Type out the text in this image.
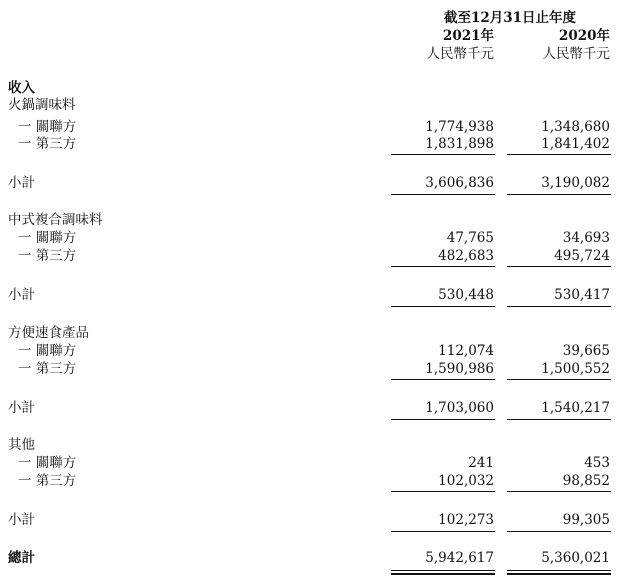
截至12月31日止年度
2021年	2020年
人民幣千元	人民幣千元
收入
火鍋調味料
一 關聯方	1,774,938	1,348,680
一 第三方	1,831,898	1,841,402
小計	3,606,836	3,190,082
中式複合調味料
一 關聯方	47,765	34,693
一 第三方	482,683	495,724
小計	530,448	530,417
方便速食產品
一 關聯方	112,074	39,665
一 第三方	1,590,986	1,500,552
小計	1,703,060	1,540,217
其他
一 關聯方	241	453
一 第三方	102,032	98,852
小計	102,273	99,305
總計	5,942,617	5,360,021
